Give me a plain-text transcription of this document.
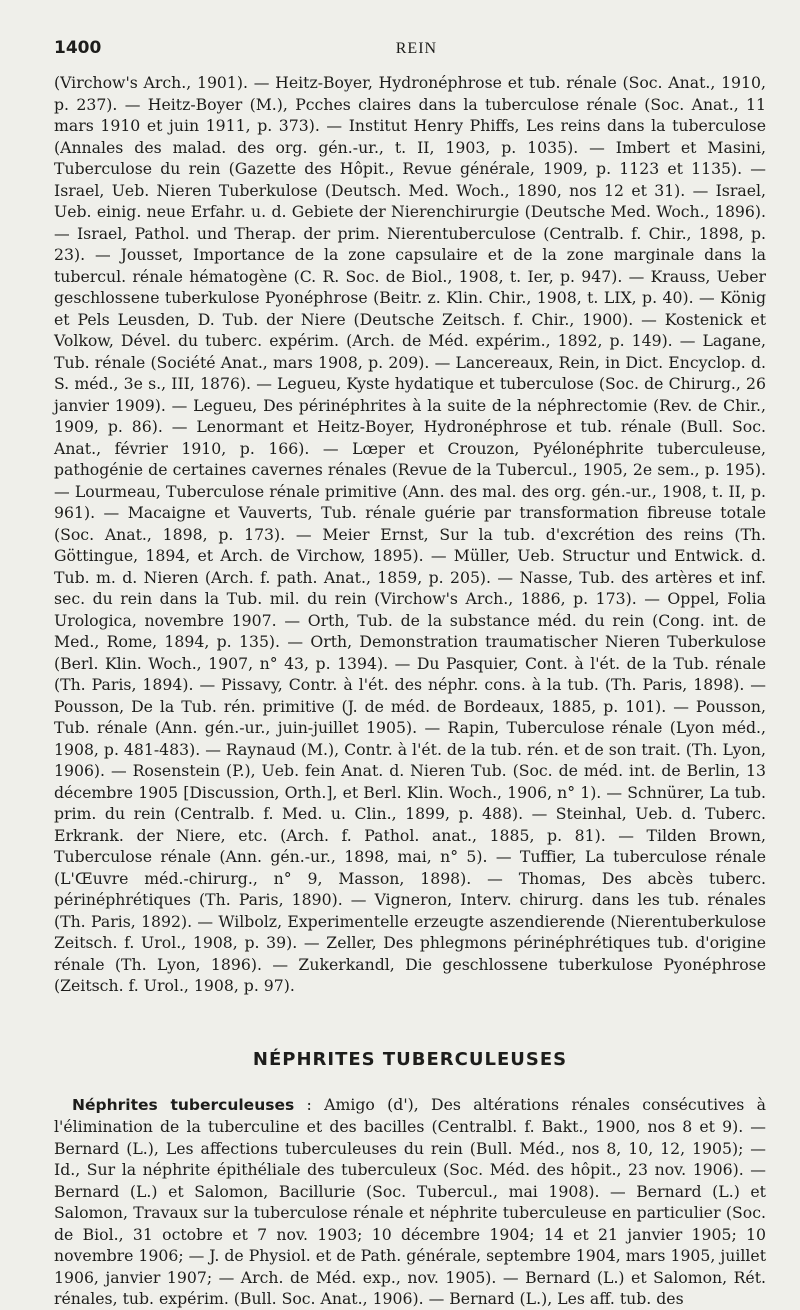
1400	REIN

(Virchow's Arch., 1901). — Heitz-Boyer, Hydronéphrose et tub. rénale (Soc. Anat., 1910, p. 237). — Heitz-Boyer (M.), Pcches claires dans la tuberculose rénale (Soc. Anat., 11 mars 1910 et juin 1911, p. 373). — Institut Henry Phiffs, Les reins dans la tuberculose (Annales des malad. des org. gén.-ur., t. II, 1903, p. 1035). — Imbert et Masini, Tuberculose du rein (Gazette des Hôpit., Revue générale, 1909, p. 1123 et 1135). — Israel, Ueb. Nieren Tuberkulose (Deutsch. Med. Woch., 1890, nos 12 et 31). — Israel, Ueb. einig. neue Erfahr. u. d. Gebiete der Nierenchirurgie (Deutsche Med. Woch., 1896). — Israel, Pathol. und Therap. der prim. Nierentuberculose (Centralb. f. Chir., 1898, p. 23). — Jousset, Importance de la zone capsulaire et de la zone marginale dans la tubercul. rénale hématogène (C. R. Soc. de Biol., 1908, t. Ier, p. 947). — Krauss, Ueber geschlossene tuberkulose Pyonéphrose (Beitr. z. Klin. Chir., 1908, t. LIX, p. 40). — König et Pels Leusden, D. Tub. der Niere (Deutsche Zeitsch. f. Chir., 1900). — Kostenick et Volkow, Dével. du tuberc. expérim. (Arch. de Méd. expérim., 1892, p. 149). — Lagane, Tub. rénale (Société Anat., mars 1908, p. 209). — Lancereaux, Rein, in Dict. Encyclop. d. S. méd., 3e s., III, 1876). — Legueu, Kyste hydatique et tuberculose (Soc. de Chirurg., 26 janvier 1909). — Legueu, Des périnéphrites à la suite de la néphrectomie (Rev. de Chir., 1909, p. 86). — Lenormant et Heitz-Boyer, Hydronéphrose et tub. rénale (Bull. Soc. Anat., février 1910, p. 166). — Lœper et Crouzon, Pyélonéphrite tuberculeuse, pathogénie de certaines cavernes rénales (Revue de la Tubercul., 1905, 2e sem., p. 195). — Lourmeau, Tuberculose rénale primitive (Ann. des mal. des org. gén.-ur., 1908, t. II, p. 961). — Macaigne et Vauverts, Tub. rénale guérie par transformation fibreuse totale (Soc. Anat., 1898, p. 173). — Meier Ernst, Sur la tub. d'excrétion des reins (Th. Göttingue, 1894, et Arch. de Virchow, 1895). — Müller, Ueb. Structur und Entwick. d. Tub. m. d. Nieren (Arch. f. path. Anat., 1859, p. 205). — Nasse, Tub. des artères et inf. sec. du rein dans la Tub. mil. du rein (Virchow's Arch., 1886, p. 173). — Oppel, Folia Urologica, novembre 1907. — Orth, Tub. de la substance méd. du rein (Cong. int. de Med., Rome, 1894, p. 135). — Orth, Demonstration traumatischer Nieren Tuberkulose (Berl. Klin. Woch., 1907, n° 43, p. 1394). — Du Pasquier, Cont. à l'ét. de la Tub. rénale (Th. Paris, 1894). — Pissavy, Contr. à l'ét. des néphr. cons. à la tub. (Th. Paris, 1898). — Pousson, De la Tub. rén. primitive (J. de méd. de Bordeaux, 1885, p. 101). — Pousson, Tub. rénale (Ann. gén.-ur., juin-juillet 1905). — Rapin, Tuberculose rénale (Lyon méd., 1908, p. 481-483). — Raynaud (M.), Contr. à l'ét. de la tub. rén. et de son trait. (Th. Lyon, 1906). — Rosenstein (P.), Ueb. fein Anat. d. Nieren Tub. (Soc. de méd. int. de Berlin, 13 décembre 1905 [Discussion, Orth.], et Berl. Klin. Woch., 1906, n° 1). — Schnürer, La tub. prim. du rein (Centralb. f. Med. u. Clin., 1899, p. 488). — Steinhal, Ueb. d. Tuberc. Erkrank. der Niere, etc. (Arch. f. Pathol. anat., 1885, p. 81). — Tilden Brown, Tuberculose rénale (Ann. gén.-ur., 1898, mai, n° 5). — Tuffier, La tuberculose rénale (L'Œuvre méd.-chirurg., n° 9, Masson, 1898). — Thomas, Des abcès tuberc. périnéphrétiques (Th. Paris, 1890). — Vigneron, Interv. chirurg. dans les tub. rénales (Th. Paris, 1892). — Wilbolz, Experimentelle erzeugte aszendierende (Nierentuberkulose Zeitsch. f. Urol., 1908, p. 39). — Zeller, Des phlegmons périnéphrétiques tub. d'origine rénale (Th. Lyon, 1896). — Zukerkandl, Die geschlossene tuberkulose Pyonéphrose (Zeitsch. f. Urol., 1908, p. 97).

NÉPHRITES TUBERCULEUSES

Néphrites tuberculeuses : Amigo (d'), Des altérations rénales consécutives à l'élimination de la tuberculine et des bacilles (Centralbl. f. Bakt., 1900, nos 8 et 9). — Bernard (L.), Les affections tuberculeuses du rein (Bull. Méd., nos 8, 10, 12, 1905); — Id., Sur la néphrite épithéliale des tuberculeux (Soc. Méd. des hôpit., 23 nov. 1906). — Bernard (L.) et Salomon, Bacillurie (Soc. Tubercul., mai 1908). — Bernard (L.) et Salomon, Travaux sur la tuberculose rénale et néphrite tuberculeuse en particulier (Soc. de Biol., 31 octobre et 7 nov. 1903; 10 décembre 1904; 14 et 21 janvier 1905; 10 novembre 1906; — J. de Physiol. et de Path. générale, septembre 1904, mars 1905, juillet 1906, janvier 1907; — Arch. de Méd. exp., nov. 1905). — Bernard (L.) et Salomon, Rét. rénales, tub. expérim. (Bull. Soc. Anat., 1906). — Bernard (L.), Les aff. tub. des
